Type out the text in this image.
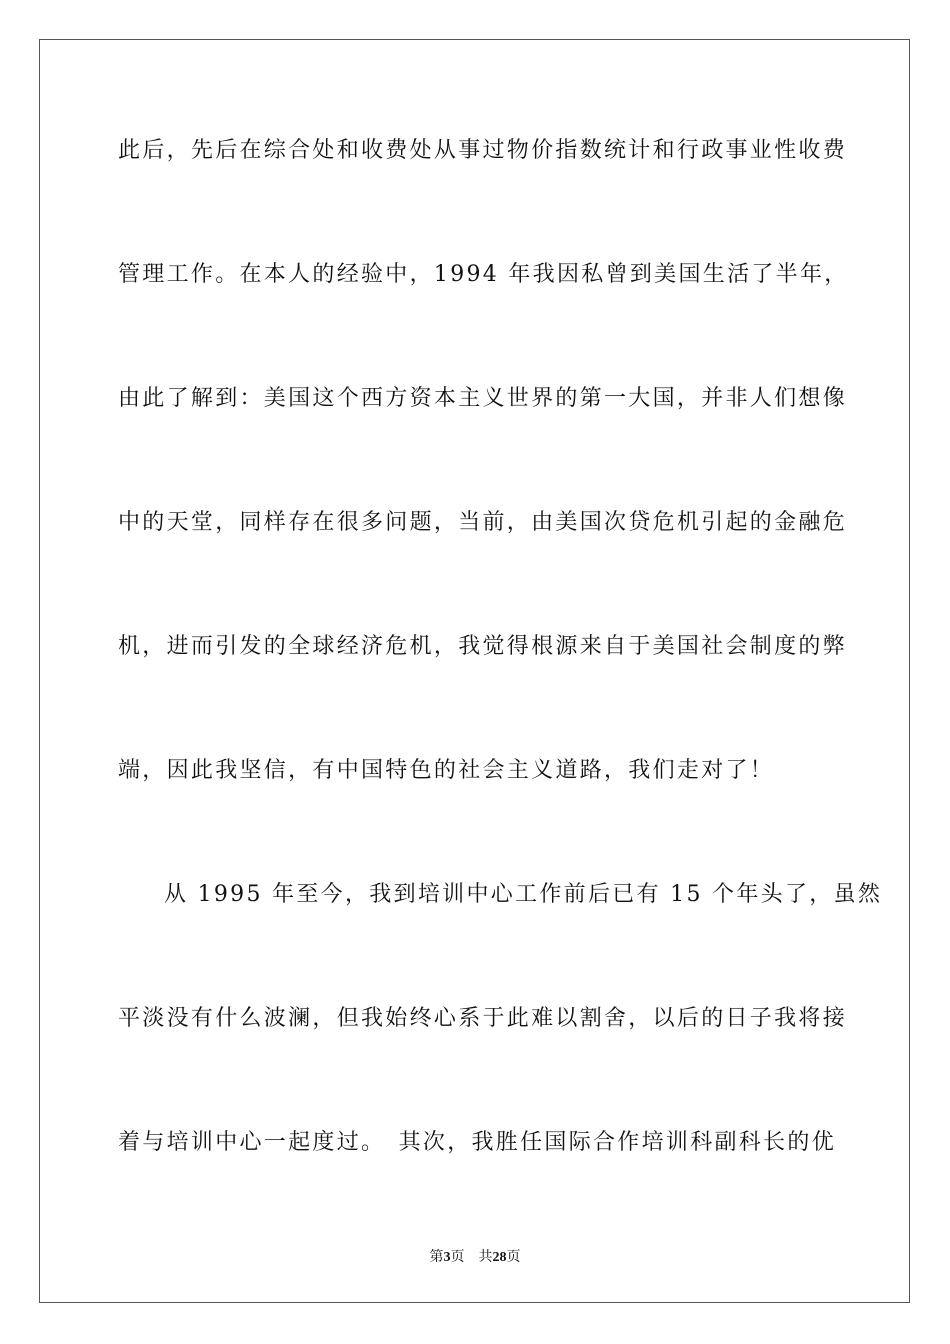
此后，先后在综合处和收费处从事过物价指数统计和行政事业性收费
管理工作。在本人的经验中，1994 年我因私曾到美国生活了半年，
由此了解到：美国这个西方资本主义世界的第一大国，并非人们想像
中的天堂，同样存在很多问题，当前，由美国次贷危机引起的金融危
机，进而引发的全球经济危机，我觉得根源来自于美国社会制度的弊
端，因此我坚信，有中国特色的社会主义道路，我们走对了！
从 1995 年至今，我到培训中心工作前后已有 15 个年头了，虽然
平淡没有什么波澜，但我始终心系于此难以割舍，以后的日子我将接
着与培训中心一起度过。　其次，我胜任国际合作培训科副科长的优
第3页 共28页
